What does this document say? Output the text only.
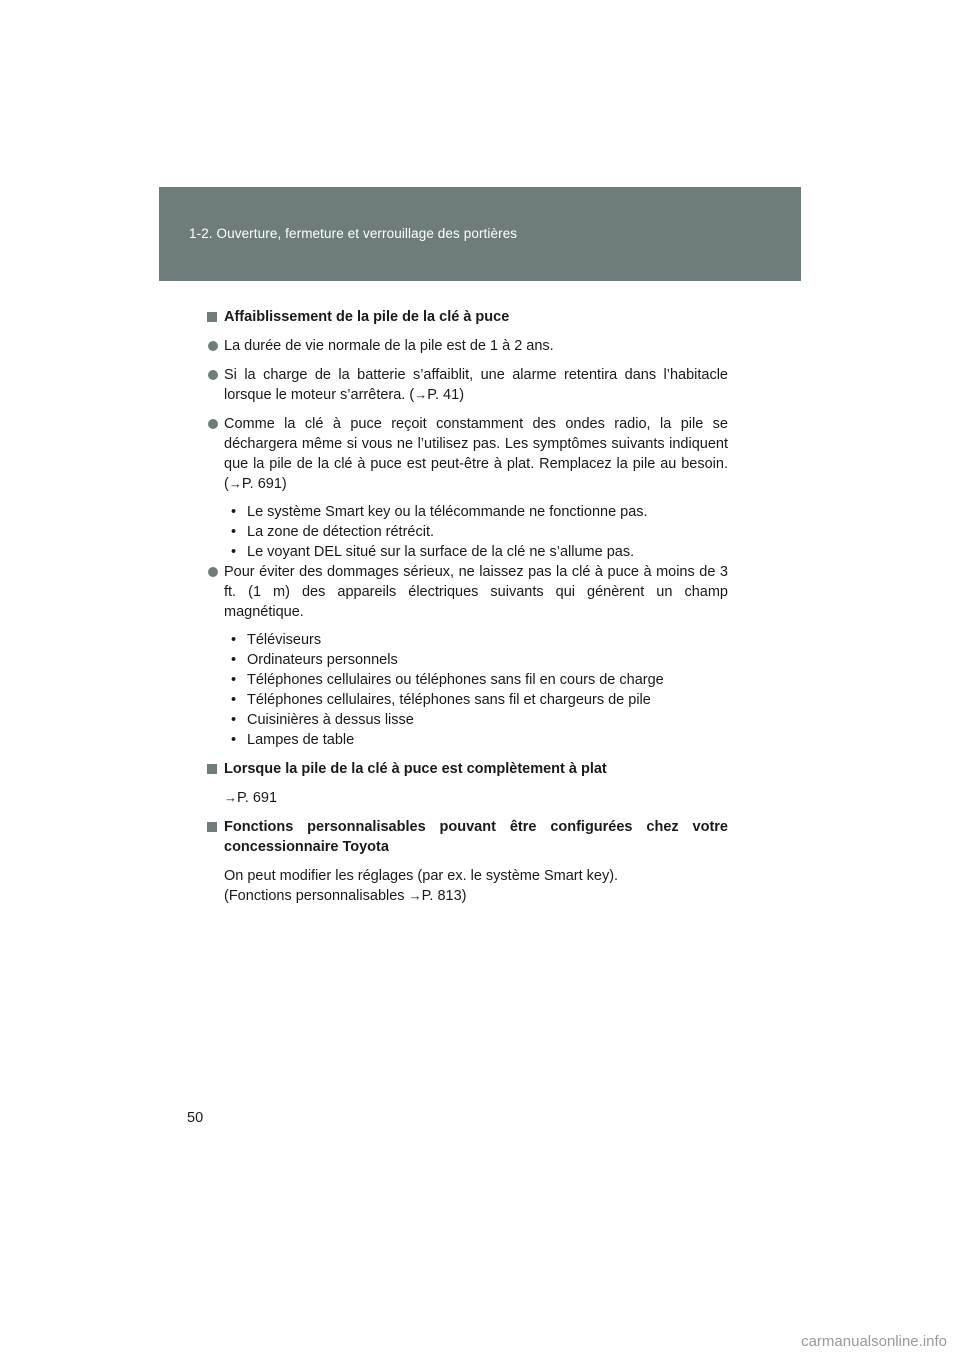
1-2. Ouverture, fermeture et verrouillage des portières
Affaiblissement de la pile de la clé à puce
La durée de vie normale de la pile est de 1 à 2 ans.
Si la charge de la batterie s’affaiblit, une alarme retentira dans l’habitacle lorsque le moteur s’arrêtera. (→P. 41)
Comme la clé à puce reçoit constamment des ondes radio, la pile se déchargera même si vous ne l’utilisez pas. Les symptômes suivants indiquent que la pile de la clé à puce est peut-être à plat. Remplacez la pile au besoin. (→P. 691)
• Le système Smart key ou la télécommande ne fonctionne pas.
• La zone de détection rétrécit.
• Le voyant DEL situé sur la surface de la clé ne s’allume pas.
Pour éviter des dommages sérieux, ne laissez pas la clé à puce à moins de 3 ft. (1 m) des appareils électriques suivants qui génèrent un champ magnétique.
• Téléviseurs
• Ordinateurs personnels
• Téléphones cellulaires ou téléphones sans fil en cours de charge
• Téléphones cellulaires, téléphones sans fil et chargeurs de pile
• Cuisinières à dessus lisse
• Lampes de table
Lorsque la pile de la clé à puce est complètement à plat
→P. 691
Fonctions personnalisables pouvant être configurées chez votre concessionnaire Toyota
On peut modifier les réglages (par ex. le système Smart key).
(Fonctions personnalisables →P. 813)
50
carmanualsonline.info
